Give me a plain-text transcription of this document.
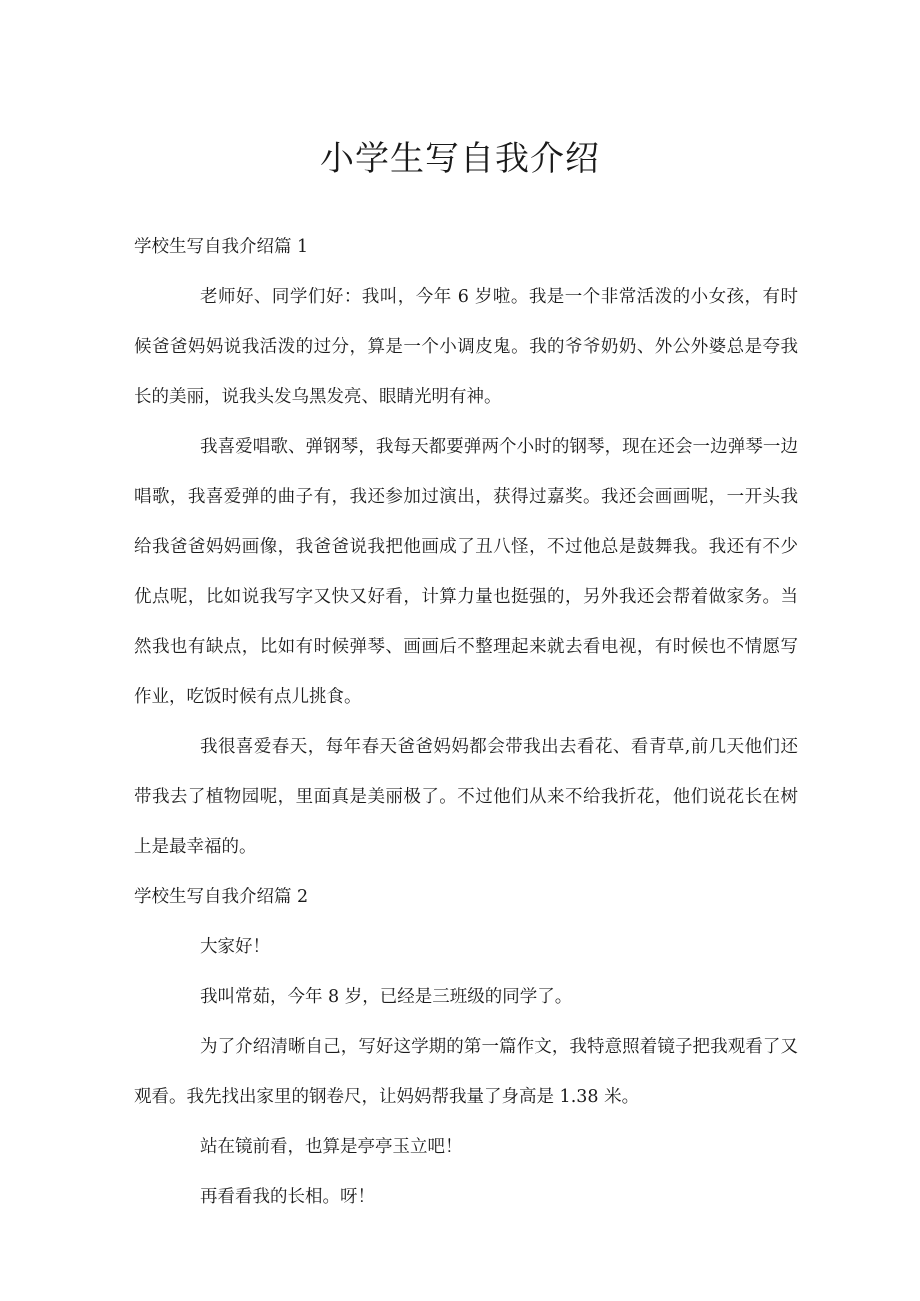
小学生写自我介绍

学校生写自我介绍篇 1

老师好、同学们好：我叫，今年 6 岁啦。我是一个非常活泼的小女孩，有时候爸爸妈妈说我活泼的过分，算是一个小调皮鬼。我的爷爷奶奶、外公外婆总是夸我长的美丽，说我头发乌黑发亮、眼睛光明有神。

我喜爱唱歌、弹钢琴，我每天都要弹两个小时的钢琴，现在还会一边弹琴一边唱歌，我喜爱弹的曲子有，我还参加过演出，获得过嘉奖。我还会画画呢，一开头我给我爸爸妈妈画像，我爸爸说我把他画成了丑八怪，不过他总是鼓舞我。我还有不少优点呢，比如说我写字又快又好看，计算力量也挺强的，另外我还会帮着做家务。当然我也有缺点，比如有时候弹琴、画画后不整理起来就去看电视，有时候也不情愿写作业，吃饭时候有点儿挑食。

我很喜爱春天，每年春天爸爸妈妈都会带我出去看花、看青草,前几天他们还带我去了植物园呢，里面真是美丽极了。不过他们从来不给我折花，他们说花长在树上是最幸福的。

学校生写自我介绍篇 2

大家好！

我叫常茹，今年 8 岁，已经是三班级的同学了。

为了介绍清晰自己，写好这学期的第一篇作文，我特意照着镜子把我观看了又观看。我先找出家里的钢卷尺，让妈妈帮我量了身高是 1.38 米。

站在镜前看，也算是亭亭玉立吧！

再看看我的长相。呀！
